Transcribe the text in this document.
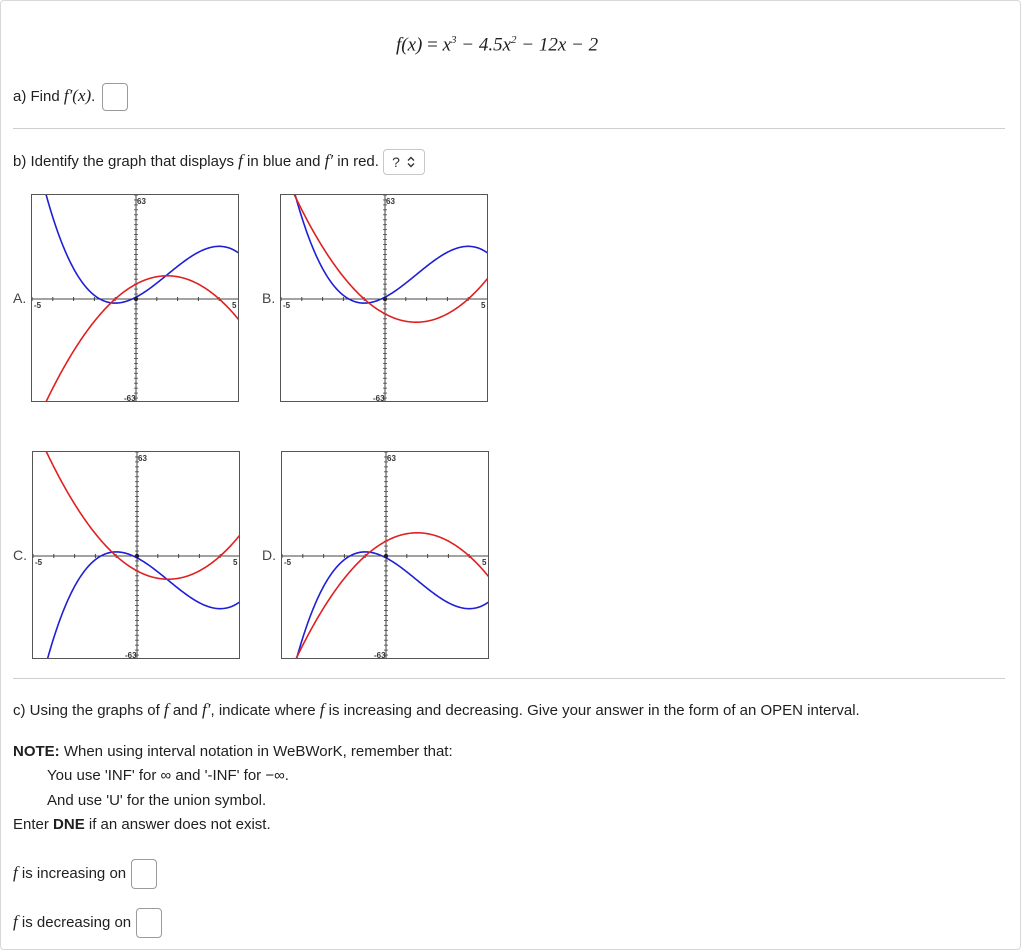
$f(x) = x^3 - 4.5x^2 - 12x - 2$
a) Find f′(x).
b) Identify the graph that displays f in blue and f′ in red. ?
A.	B.
C.	D.
-5	5
63
-63
-5	5
63
-63
-5	5
63
-63
-5	5
63
-63
c) Using the graphs of f and f′, indicate where f is increasing and decreasing. Give your answer in the form of an OPEN interval.
NOTE: When using interval notation in WeBWorK, remember that:
You use 'INF' for ∞ and '-INF' for −∞.
And use 'U' for the union symbol.
Enter DNE if an answer does not exist.
f is increasing on
f is decreasing on
